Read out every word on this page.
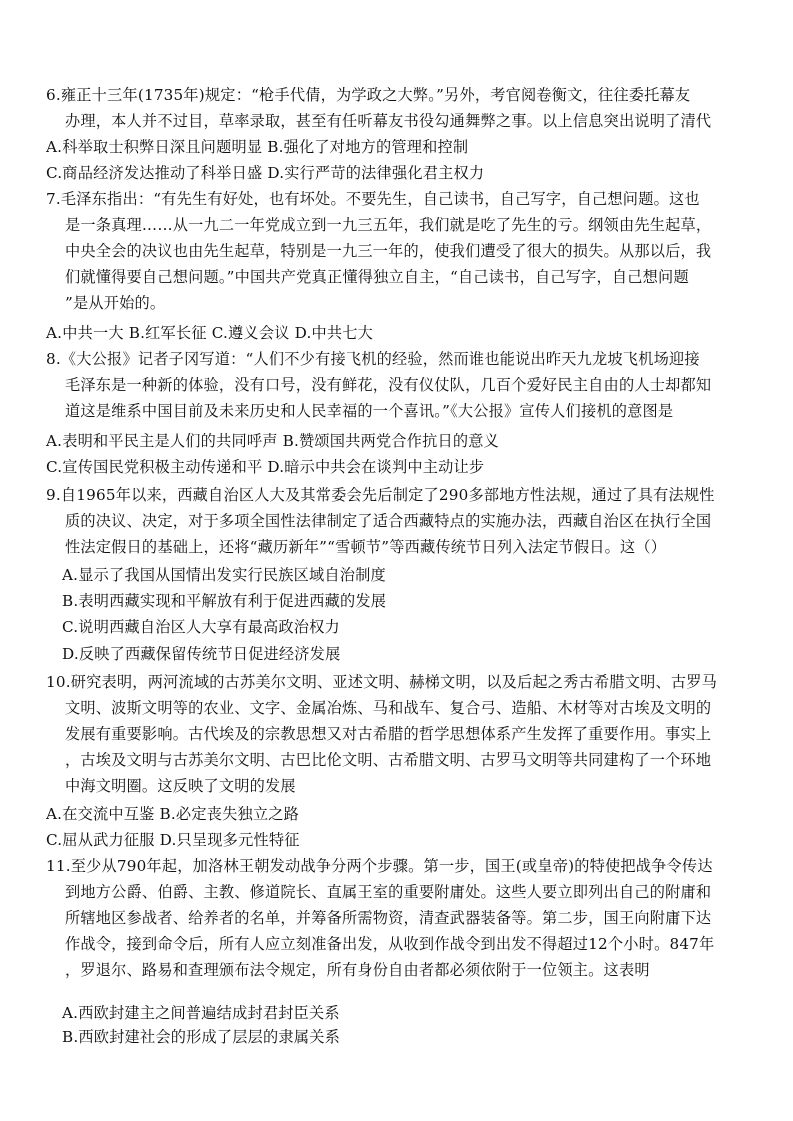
6.雍正十三年(1735年)规定：“枪手代倩，为学政之大弊。”另外，考官阅卷衡文，往往委托幕友
办理，本人并不过目，草率录取，甚至有任听幕友书役勾通舞弊之事。以上信息突出说明了清代
A.科举取士积弊日深且问题明显 B.强化了对地方的管理和控制
C.商品经济发达推动了科举日盛 D.实行严苛的法律强化君主权力
7.毛泽东指出：“有先生有好处，也有坏处。不要先生，自己读书，自己写字，自己想问题。这也
是一条真理……从一九二一年党成立到一九三五年，我们就是吃了先生的亏。纲领由先生起草，
中央全会的决议也由先生起草，特别是一九三一年的，使我们遭受了很大的损失。从那以后，我
们就懂得要自己想问题。”中国共产党真正懂得独立自主，“自己读书，自己写字，自己想问题
”是从开始的。
A.中共一大 B.红军长征 C.遵义会议 D.中共七大
8.《大公报》记者子冈写道：“人们不少有接飞机的经验，然而谁也能说出昨天九龙坡飞机场迎接
毛泽东是一种新的体验，没有口号，没有鲜花，没有仪仗队，几百个爱好民主自由的人士却都知
道这是维系中国目前及未来历史和人民幸福的一个喜讯。”《大公报》宣传人们接机的意图是
A.表明和平民主是人们的共同呼声 B.赞颂国共两党合作抗日的意义
C.宣传国民党积极主动传递和平 D.暗示中共会在谈判中主动让步
9.自1965年以来，西藏自治区人大及其常委会先后制定了290多部地方性法规，通过了具有法规性
质的决议、决定，对于多项全国性法律制定了适合西藏特点的实施办法，西藏自治区在执行全国
性法定假日的基础上，还将“藏历新年”“雪顿节”等西藏传统节日列入法定节假日。这（）
A.显示了我国从国情出发实行民族区域自治制度
B.表明西藏实现和平解放有利于促进西藏的发展
C.说明西藏自治区人大享有最高政治权力
D.反映了西藏保留传统节日促进经济发展
10.研究表明，两河流域的古苏美尔文明、亚述文明、赫梯文明，以及后起之秀古希腊文明、古罗马
文明、波斯文明等的农业、文字、金属冶炼、马和战车、复合弓、造船、木材等对古埃及文明的
发展有重要影响。古代埃及的宗教思想又对古希腊的哲学思想体系产生发挥了重要作用。事实上
，古埃及文明与古苏美尔文明、古巴比伦文明、古希腊文明、古罗马文明等共同建构了一个环地
中海文明圈。这反映了文明的发展
A.在交流中互鉴 B.必定丧失独立之路
C.屈从武力征服 D.只呈现多元性特征
11.至少从790年起，加洛林王朝发动战争分两个步骤。第一步，国王(或皇帝)的特使把战争令传达
到地方公爵、伯爵、主教、修道院长、直属王室的重要附庸处。这些人要立即列出自己的附庸和
所辖地区参战者、给养者的名单，并筹备所需物资，清查武器装备等。第二步，国王向附庸下达
作战令，接到命令后，所有人应立刻准备出发，从收到作战令到出发不得超过12个小时。847年
，罗退尔、路易和查理颁布法令规定，所有身份自由者都必须依附于一位领主。这表明
A.西欧封建主之间普遍结成封君封臣关系
B.西欧封建社会的形成了层层的隶属关系
